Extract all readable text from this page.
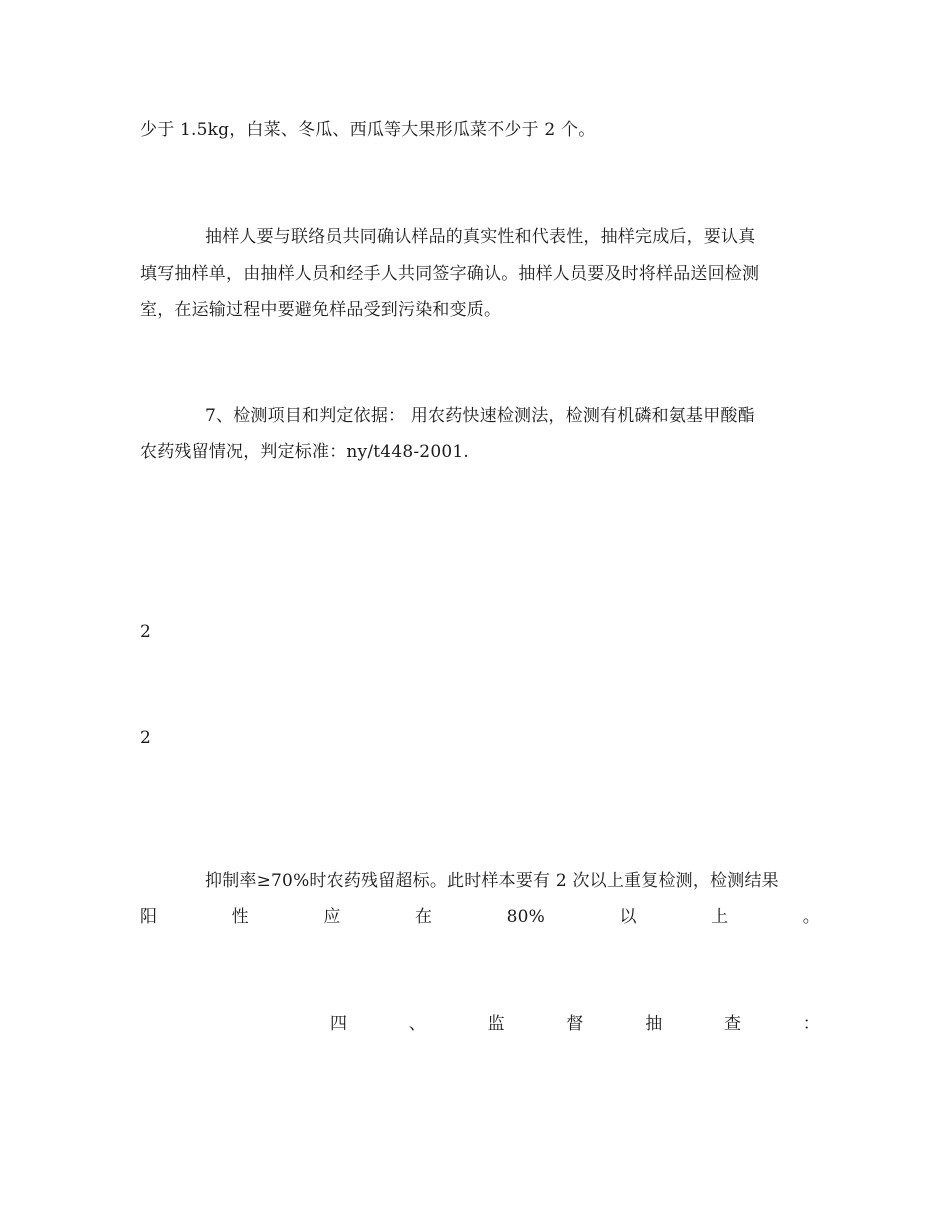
少于 1.5kg，白菜、冬瓜、西瓜等大果形瓜菜不少于 2 个。
抽样人要与联络员共同确认样品的真实性和代表性，抽样完成后，要认真
填写抽样单，由抽样人员和经手人共同签字确认。抽样人员要及时将样品送回检测
室，在运输过程中要避免样品受到污染和变质。
7、检测项目和判定依据： 用农药快速检测法，检测有机磷和氨基甲酸酯
农药残留情况，判定标准：ny/t448-2001.
2
2
抑制率≥70%时农药残留超标。此时样本要有 2 次以上重复检测，检测结果
阳	性	应	在	80%	以	上	。
四	、	监	督	抽	查	：
